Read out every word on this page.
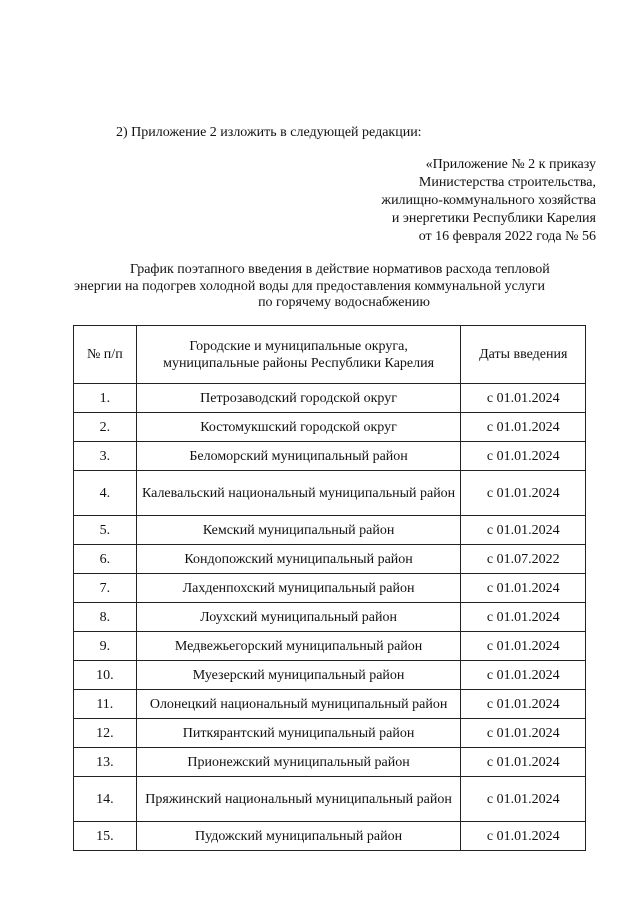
2) Приложение 2 изложить в следующей редакции:
«Приложение № 2 к приказу
Министерства строительства,
жилищно-коммунального хозяйства
и энергетики Республики Карелия
от 16 февраля 2022 года № 56
График поэтапного введения в действие нормативов расхода тепловой
энергии на подогрев холодной воды для предоставления коммунальной услуги
по горячему водоснабжению
№ п/п	Городские и муниципальные округа, муниципальные районы Республики Карелия	Даты введения
1.	Петрозаводский городской округ	с 01.01.2024
2.	Костомукшский городской округ	с 01.01.2024
3.	Беломорский муниципальный район	с 01.01.2024
4.	Калевальский национальный муниципальный район	с 01.01.2024
5.	Кемский муниципальный район	с 01.01.2024
6.	Кондопожский муниципальный район	с 01.07.2022
7.	Лахденпохский муниципальный район	с 01.01.2024
8.	Лоухский муниципальный район	с 01.01.2024
9.	Медвежьегорский муниципальный район	с 01.01.2024
10.	Муезерский муниципальный район	с 01.01.2024
11.	Олонецкий национальный муниципальный район	с 01.01.2024
12.	Питкярантский муниципальный район	с 01.01.2024
13.	Прионежский муниципальный район	с 01.01.2024
14.	Пряжинский национальный муниципальный район	с 01.01.2024
15.	Пудожский муниципальный район	с 01.01.2024
